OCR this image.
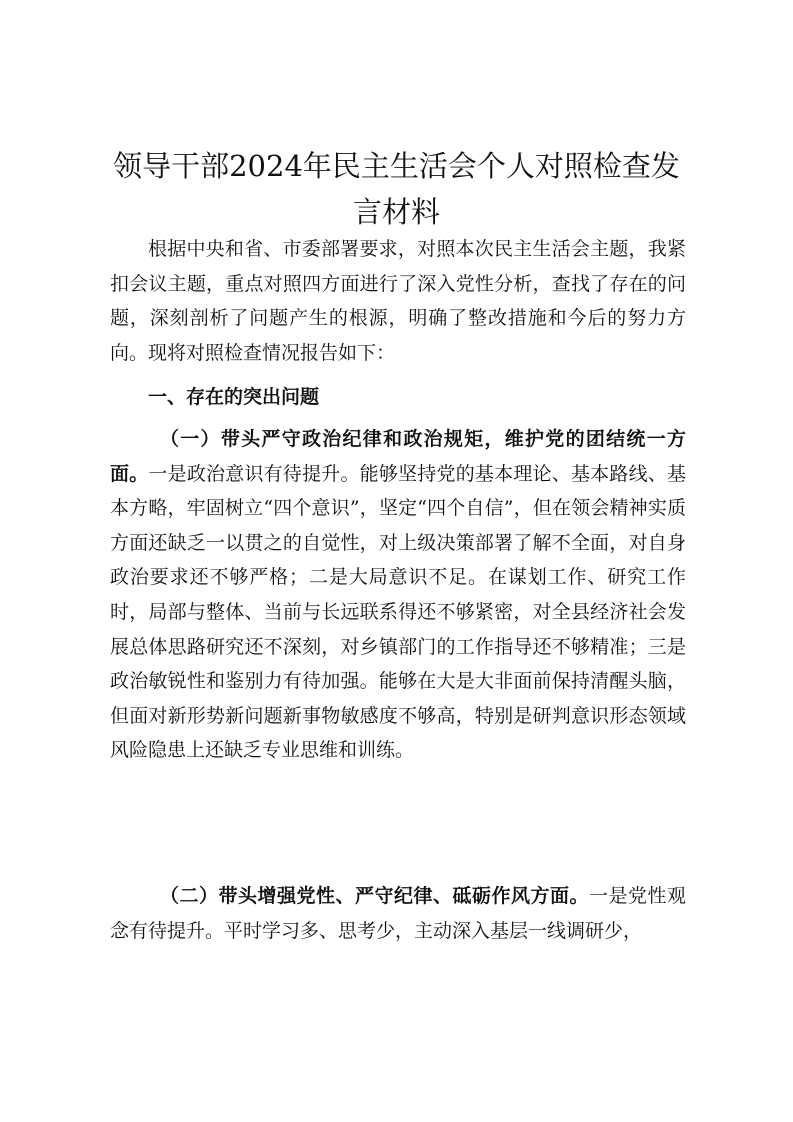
领导干部2024年民主生活会个人对照检查发言材料
根据中央和省、市委部署要求，对照本次民主生活会主题，我紧扣会议主题，重点对照四方面进行了深入党性分析，查找了存在的问题，深刻剖析了问题产生的根源，明确了整改措施和今后的努力方向。现将对照检查情况报告如下：
一、存在的突出问题
（一）带头严守政治纪律和政治规矩，维护党的团结统一方面。一是政治意识有待提升。能够坚持党的基本理论、基本路线、基本方略，牢固树立“四个意识”，坚定“四个自信”，但在领会精神实质方面还缺乏一以贯之的自觉性，对上级决策部署了解不全面，对自身政治要求还不够严格；二是大局意识不足。在谋划工作、研究工作时，局部与整体、当前与长远联系得还不够紧密，对全县经济社会发展总体思路研究还不深刻，对乡镇部门的工作指导还不够精准；三是政治敏锐性和鉴别力有待加强。能够在大是大非面前保持清醒头脑，但面对新形势新问题新事物敏感度不够高，特别是研判意识形态领域风险隐患上还缺乏专业思维和训练。
（二）带头增强党性、严守纪律、砥砺作风方面。一是党性观念有待提升。平时学习多、思考少，主动深入基层一线调研少，
